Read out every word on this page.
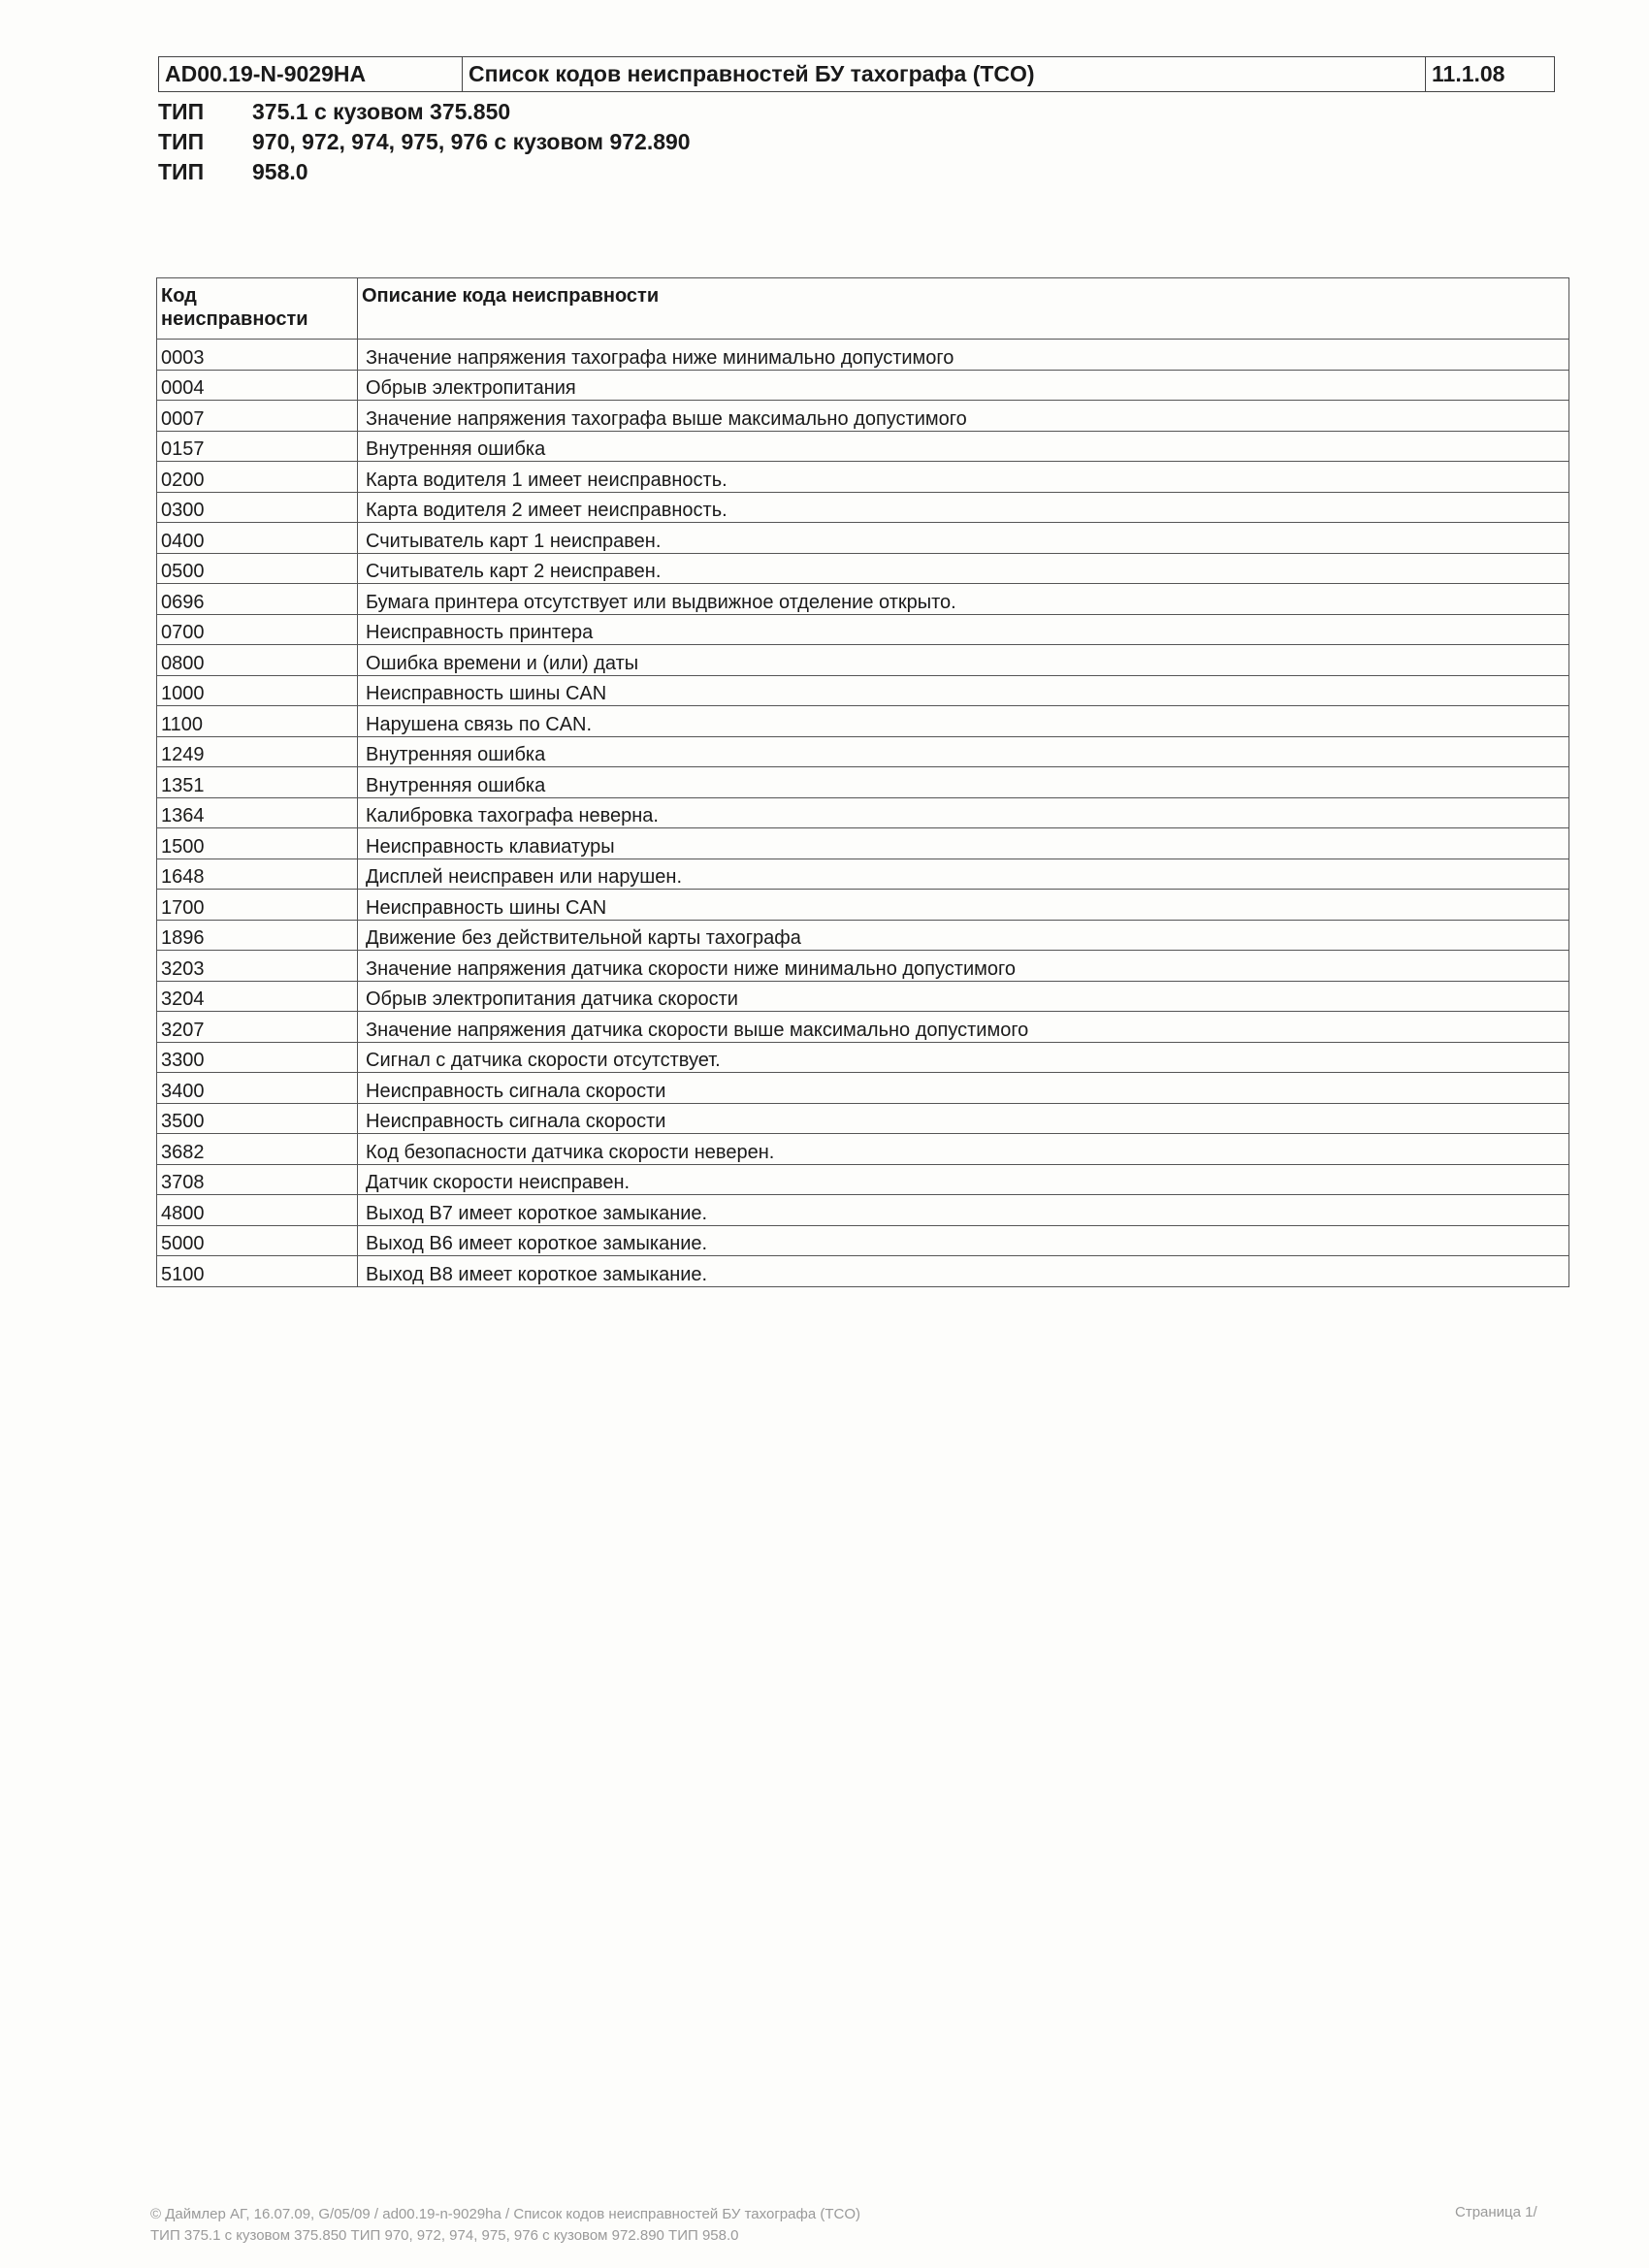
AD00.19-N-9029HA	Список кодов неисправностей БУ тахографа (TCO)	11.1.08
ТИП	375.1 с кузовом 375.850
ТИП	970, 972, 974, 975, 976 с кузовом 972.890
ТИП	958.0
Код
неисправности	Описание кода неисправности
0003	Значение напряжения тахографа ниже минимально допустимого
0004	Обрыв электропитания
0007	Значение напряжения тахографа выше максимально допустимого
0157	Внутренняя ошибка
0200	Карта водителя 1 имеет неисправность.
0300	Карта водителя 2 имеет неисправность.
0400	Считыватель карт 1 неисправен.
0500	Считыватель карт 2 неисправен.
0696	Бумага принтера отсутствует или выдвижное отделение открыто.
0700	Неисправность принтера
0800	Ошибка времени и (или) даты
1000	Неисправность шины CAN
1100	Нарушена связь по CAN.
1249	Внутренняя ошибка
1351	Внутренняя ошибка
1364	Калибровка тахографа неверна.
1500	Неисправность клавиатуры
1648	Дисплей неисправен или нарушен.
1700	Неисправность шины CAN
1896	Движение без действительной карты тахографа
3203	Значение напряжения датчика скорости ниже минимально допустимого
3204	Обрыв электропитания датчика скорости
3207	Значение напряжения датчика скорости выше максимально допустимого
3300	Сигнал с датчика скорости отсутствует.
3400	Неисправность сигнала скорости
3500	Неисправность сигнала скорости
3682	Код безопасности датчика скорости неверен.
3708	Датчик скорости неисправен.
4800	Выход B7 имеет короткое замыкание.
5000	Выход B6 имеет короткое замыкание.
5100	Выход B8 имеет короткое замыкание.
© Даймлер АГ, 16.07.09, G/05/09 / ad00.19-n-9029ha / Список кодов неисправностей БУ тахографа (TCO)
ТИП 375.1 с кузовом 375.850 ТИП 970, 972, 974, 975, 976 с кузовом 972.890 ТИП 958.0
Страница 1/
